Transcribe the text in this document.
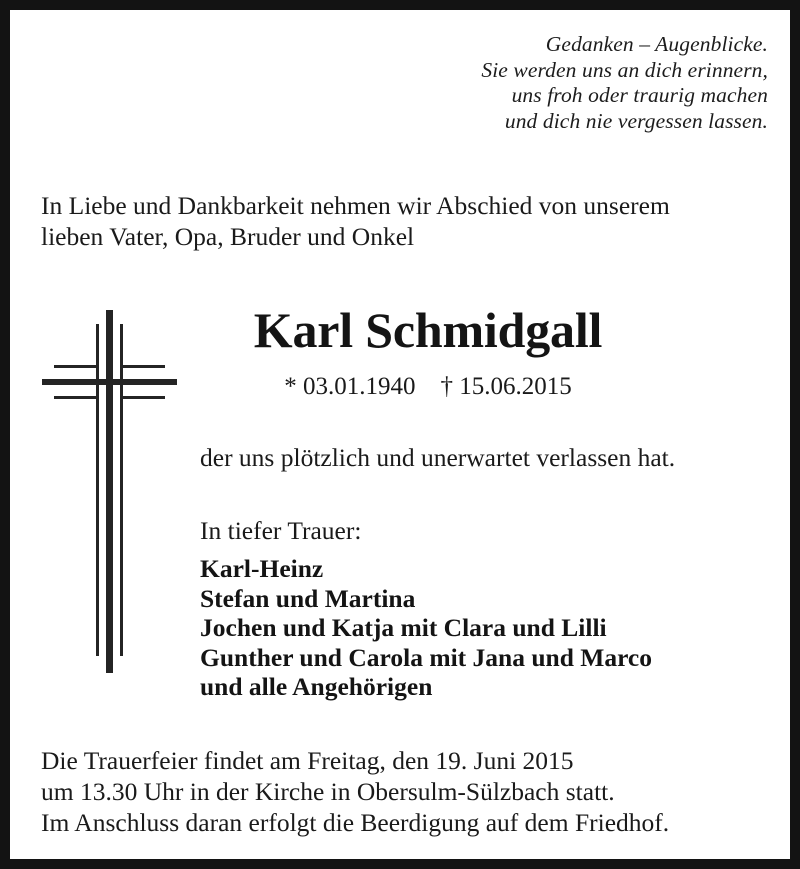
Gedanken – Augenblicke.
Sie werden uns an dich erinnern,
uns froh oder traurig machen
und dich nie vergessen lassen.
In Liebe und Dankbarkeit nehmen wir Abschied von unserem
lieben Vater, Opa, Bruder und Onkel
Karl Schmidgall
* 03.01.1940    † 15.06.2015
der uns plötzlich und unerwartet verlassen hat.
In tiefer Trauer:
Karl-Heinz
Stefan und Martina
Jochen und Katja mit Clara und Lilli
Gunther und Carola mit Jana und Marco
und alle Angehörigen
Die Trauerfeier findet am Freitag, den 19. Juni 2015
um 13.30 Uhr in der Kirche in Obersulm-Sülzbach statt.
Im Anschluss daran erfolgt die Beerdigung auf dem Friedhof.
